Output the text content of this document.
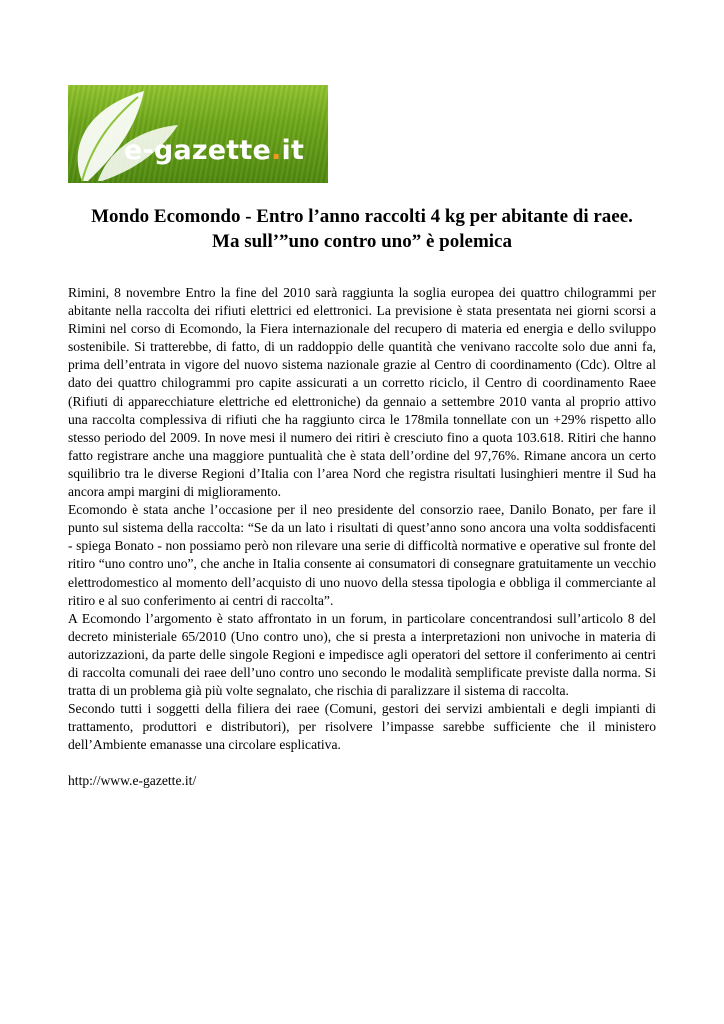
e-gazette.it
Mondo Ecomondo - Entro l’anno raccolti 4 kg per abitante di raee.
Ma sull’”uno contro uno” è polemica

Rimini, 8 novembre Entro la fine del 2010 sarà raggiunta la soglia europea dei quattro chilogrammi per abitante nella raccolta dei rifiuti elettrici ed elettronici. La previsione è stata presentata nei giorni scorsi a Rimini nel corso di Ecomondo, la Fiera internazionale del recupero di materia ed energia e dello sviluppo sostenibile. Si tratterebbe, di fatto, di un raddoppio delle quantità che venivano raccolte solo due anni fa, prima dell’entrata in vigore del nuovo sistema nazionale grazie al Centro di coordinamento (Cdc). Oltre al dato dei quattro chilogrammi pro capite assicurati a un corretto riciclo, il Centro di coordinamento Raee (Rifiuti di apparecchiature elettriche ed elettroniche) da gennaio a settembre 2010 vanta al proprio attivo una raccolta complessiva di rifiuti che ha raggiunto circa le 178mila tonnellate con un +29% rispetto allo stesso periodo del 2009. In nove mesi il numero dei ritiri è cresciuto fino a quota 103.618. Ritiri che hanno fatto registrare anche una maggiore puntualità che è stata dell’ordine del 97,76%. Rimane ancora un certo squilibrio tra le diverse Regioni d’Italia con l’area Nord che registra risultati lusinghieri mentre il Sud ha ancora ampi margini di miglioramento.

Ecomondo è stata anche l’occasione per il neo presidente del consorzio raee, Danilo Bonato, per fare il punto sul sistema della raccolta: “Se da un lato i risultati di quest’anno sono ancora una volta soddisfacenti - spiega Bonato - non possiamo però non rilevare una serie di difficoltà normative e operative sul fronte del ritiro “uno contro uno”, che anche in Italia consente ai consumatori di consegnare gratuitamente un vecchio elettrodomestico al momento dell’acquisto di uno nuovo della stessa tipologia e obbliga il commerciante al ritiro e al suo conferimento ai centri di raccolta”.

A Ecomondo l’argomento è stato affrontato in un forum, in particolare concentrandosi sull’articolo 8 del decreto ministeriale 65/2010 (Uno contro uno), che si presta a interpretazioni non univoche in materia di autorizzazioni, da parte delle singole Regioni e impedisce agli operatori del settore il conferimento ai centri di raccolta comunali dei raee dell’uno contro uno secondo le modalità semplificate previste dalla norma. Si tratta di un problema già più volte segnalato, che rischia di paralizzare il sistema di raccolta.

Secondo tutti i soggetti della filiera dei raee (Comuni, gestori dei servizi ambientali e degli impianti di trattamento, produttori e distributori), per risolvere l’impasse sarebbe sufficiente che il ministero dell’Ambiente emanasse una circolare esplicativa.

http://www.e-gazette.it/
